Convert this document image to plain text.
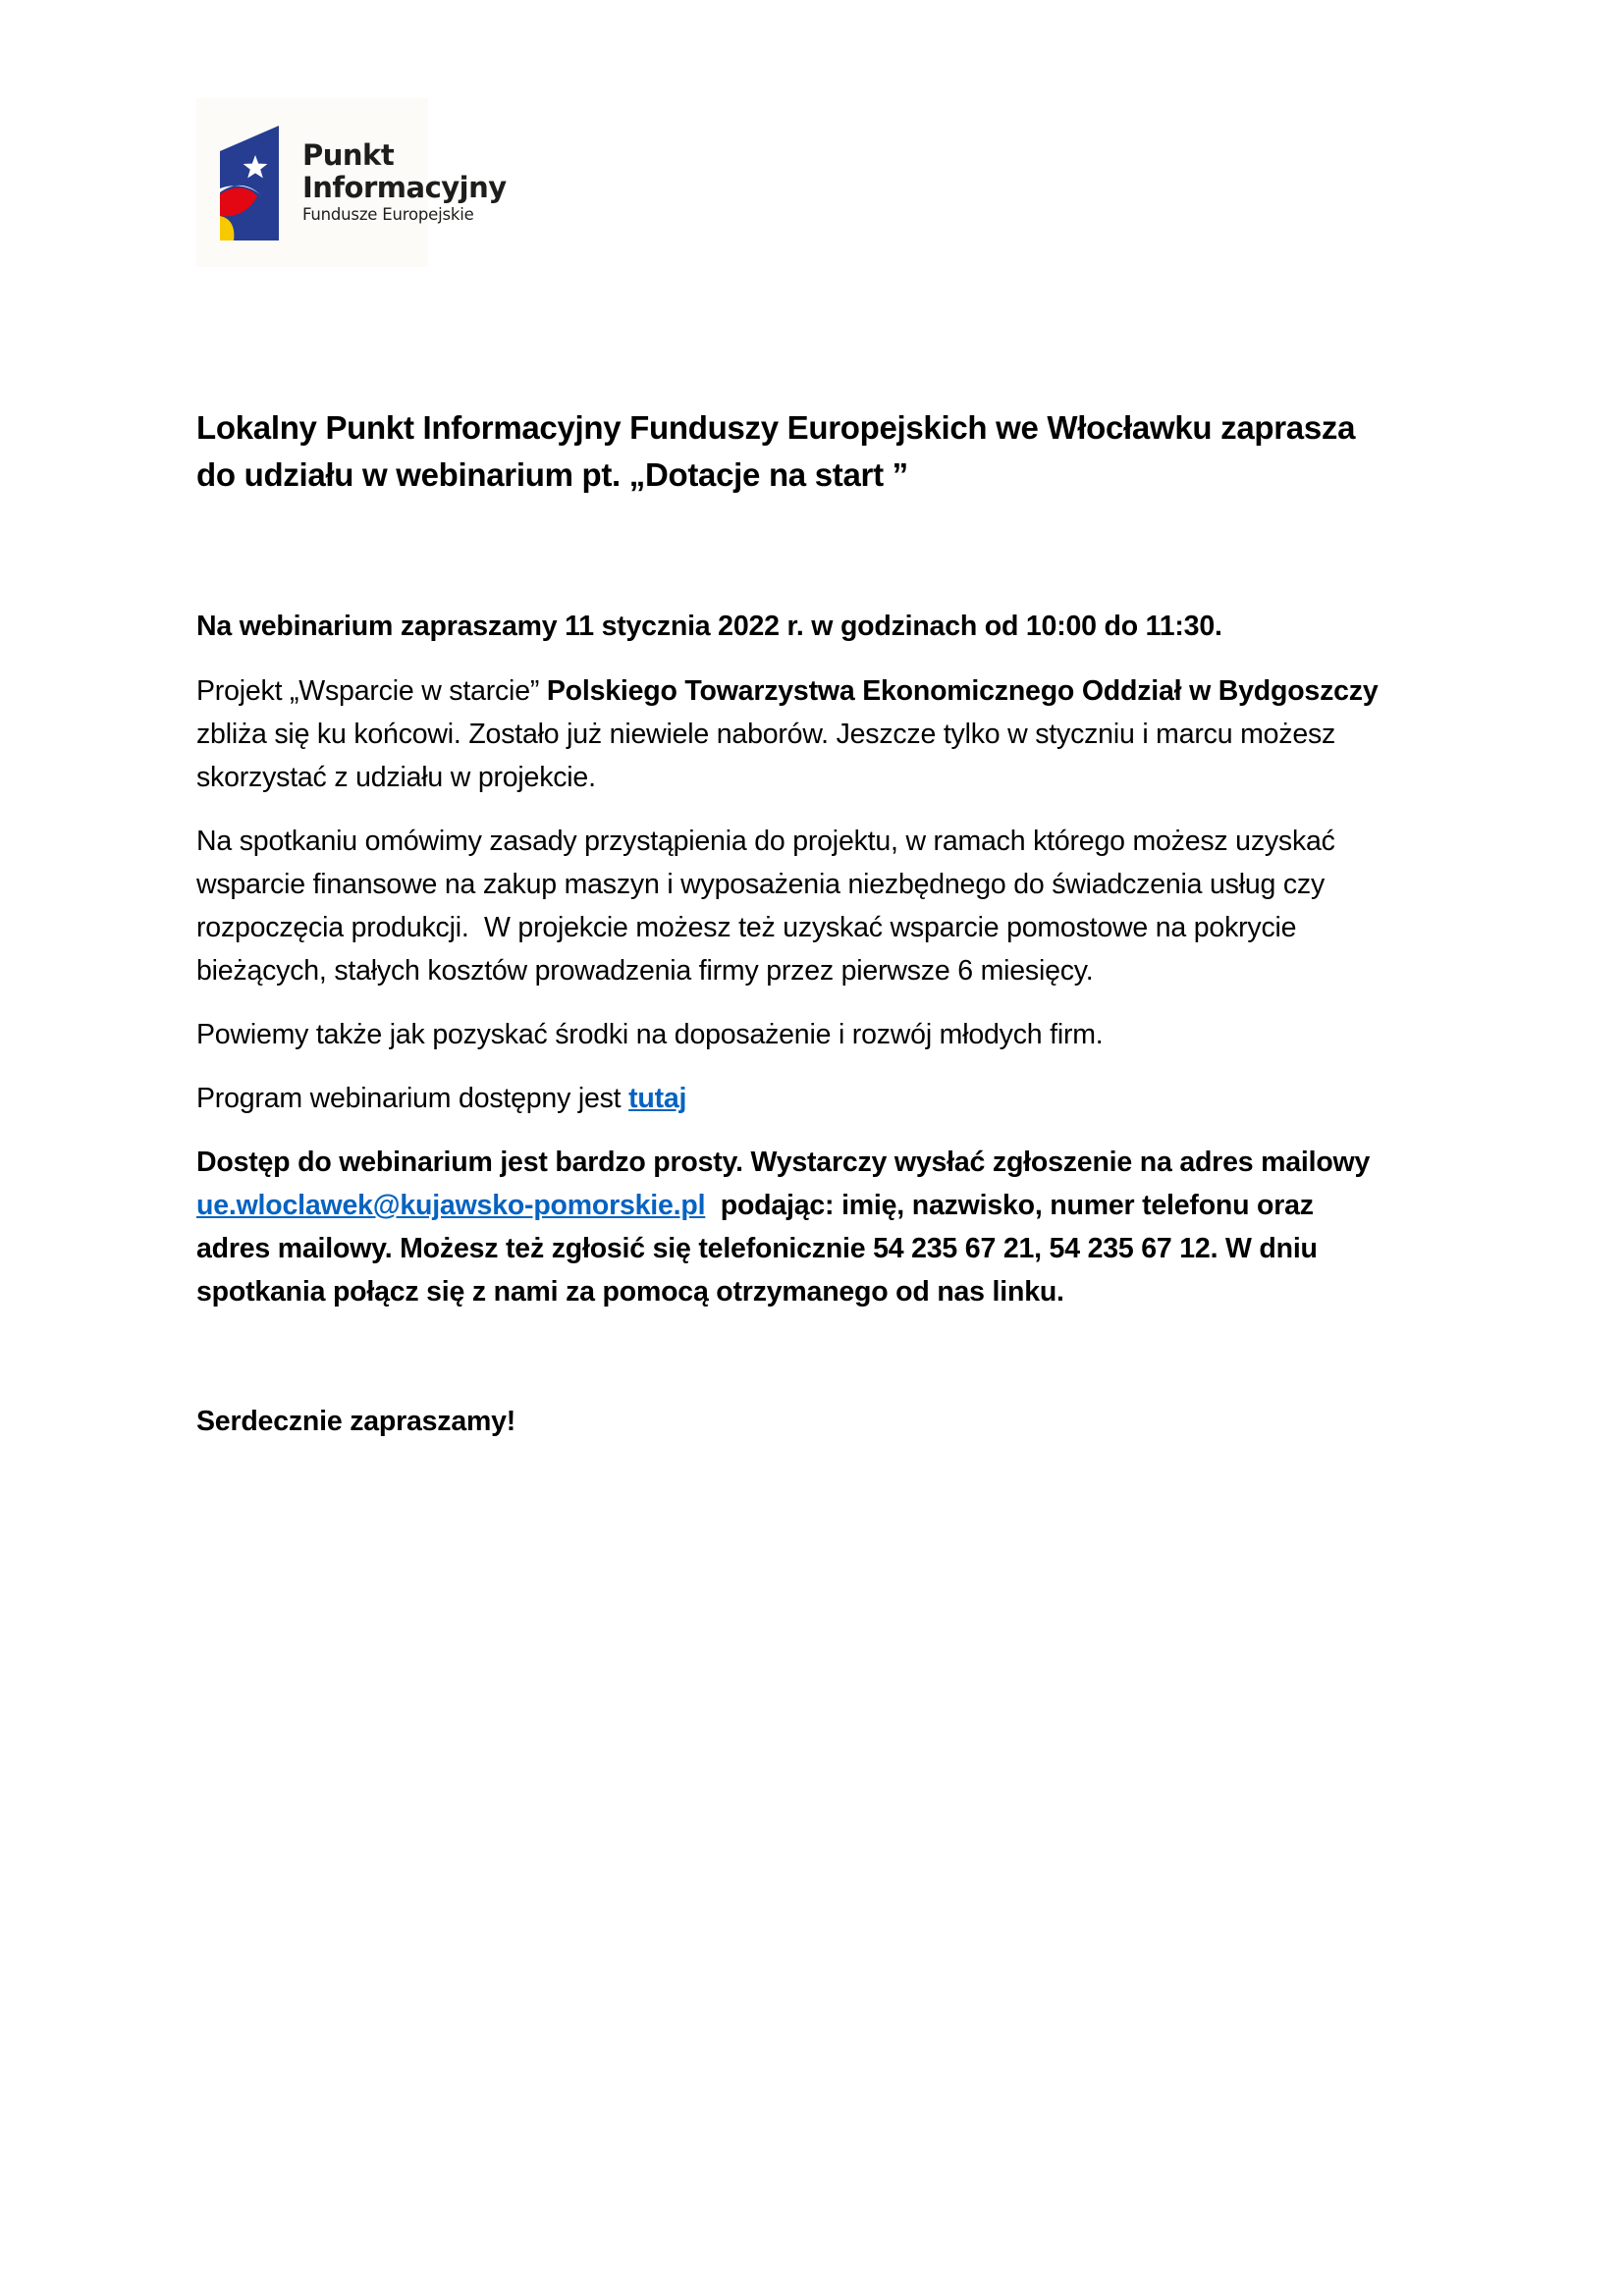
Punkt
Informacyjny
Fundusze Europejskie
Lokalny Punkt Informacyjny Funduszy Europejskich we Włocławku zaprasza
do udziału w webinarium pt. „Dotacje na start ”

Na webinarium zapraszamy 11 stycznia 2022 r. w godzinach od 10:00 do 11:30.

Projekt „Wsparcie w starcie” Polskiego Towarzystwa Ekonomicznego Oddział w Bydgoszczy
zbliża się ku końcowi. Zostało już niewiele naborów. Jeszcze tylko w styczniu i marcu możesz
skorzystać z udziału w projekcie.

Na spotkaniu omówimy zasady przystąpienia do projektu, w ramach którego możesz uzyskać
wsparcie finansowe na zakup maszyn i wyposażenia niezbędnego do świadczenia usług czy
rozpoczęcia produkcji.  W projekcie możesz też uzyskać wsparcie pomostowe na pokrycie
bieżących, stałych kosztów prowadzenia firmy przez pierwsze 6 miesięcy.

Powiemy także jak pozyskać środki na doposażenie i rozwój młodych firm.

Program webinarium dostępny jest tutaj

Dostęp do webinarium jest bardzo prosty. Wystarczy wysłać zgłoszenie na adres mailowy
ue.wloclawek@kujawsko-pomorskie.pl  podając: imię, nazwisko, numer telefonu oraz
adres mailowy. Możesz też zgłosić się telefonicznie 54 235 67 21, 54 235 67 12. W dniu
spotkania połącz się z nami za pomocą otrzymanego od nas linku.

Serdecznie zapraszamy!
